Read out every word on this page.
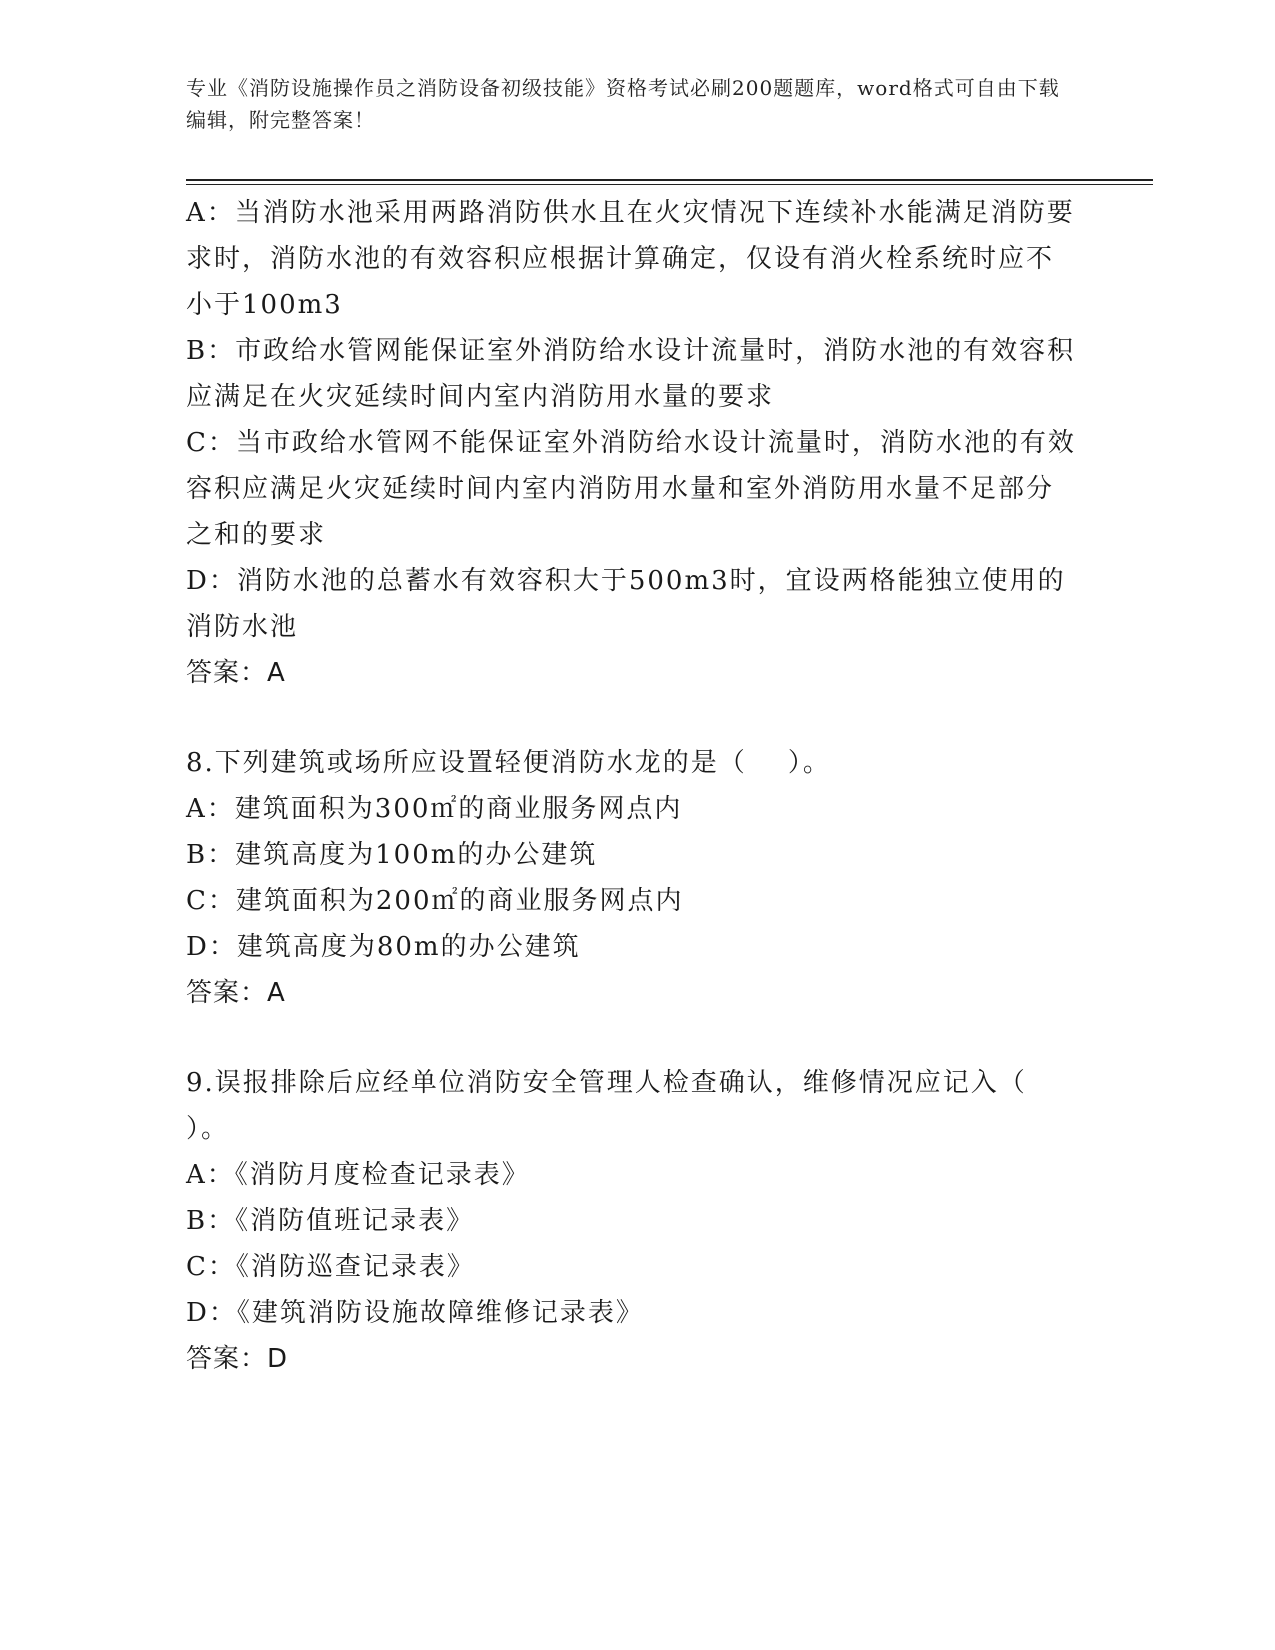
专业《消防设施操作员之消防设备初级技能》资格考试必刷200题题库，word格式可自由下载编辑，附完整答案！

A：当消防水池采用两路消防供水且在火灾情况下连续补水能满足消防要求时，消防水池的有效容积应根据计算确定，仅设有消火栓系统时应不小于100m3

B：市政给水管网能保证室外消防给水设计流量时，消防水池的有效容积应满足在火灾延续时间内室内消防用水量的要求

C：当市政给水管网不能保证室外消防给水设计流量时，消防水池的有效容积应满足火灾延续时间内室内消防用水量和室外消防用水量不足部分之和的要求

D：消防水池的总蓄水有效容积大于500m3时，宜设两格能独立使用的消防水池

答案：A

8.下列建筑或场所应设置轻便消防水龙的是（    ）。

A：建筑面积为300㎡的商业服务网点内

B：建筑高度为100m的办公建筑

C：建筑面积为200㎡的商业服务网点内

D：建筑高度为80m的办公建筑

答案：A

9.误报排除后应经单位消防安全管理人检查确认，维修情况应记入（    ）。

A：《消防月度检查记录表》

B：《消防值班记录表》

C：《消防巡查记录表》

D：《建筑消防设施故障维修记录表》

答案：D
